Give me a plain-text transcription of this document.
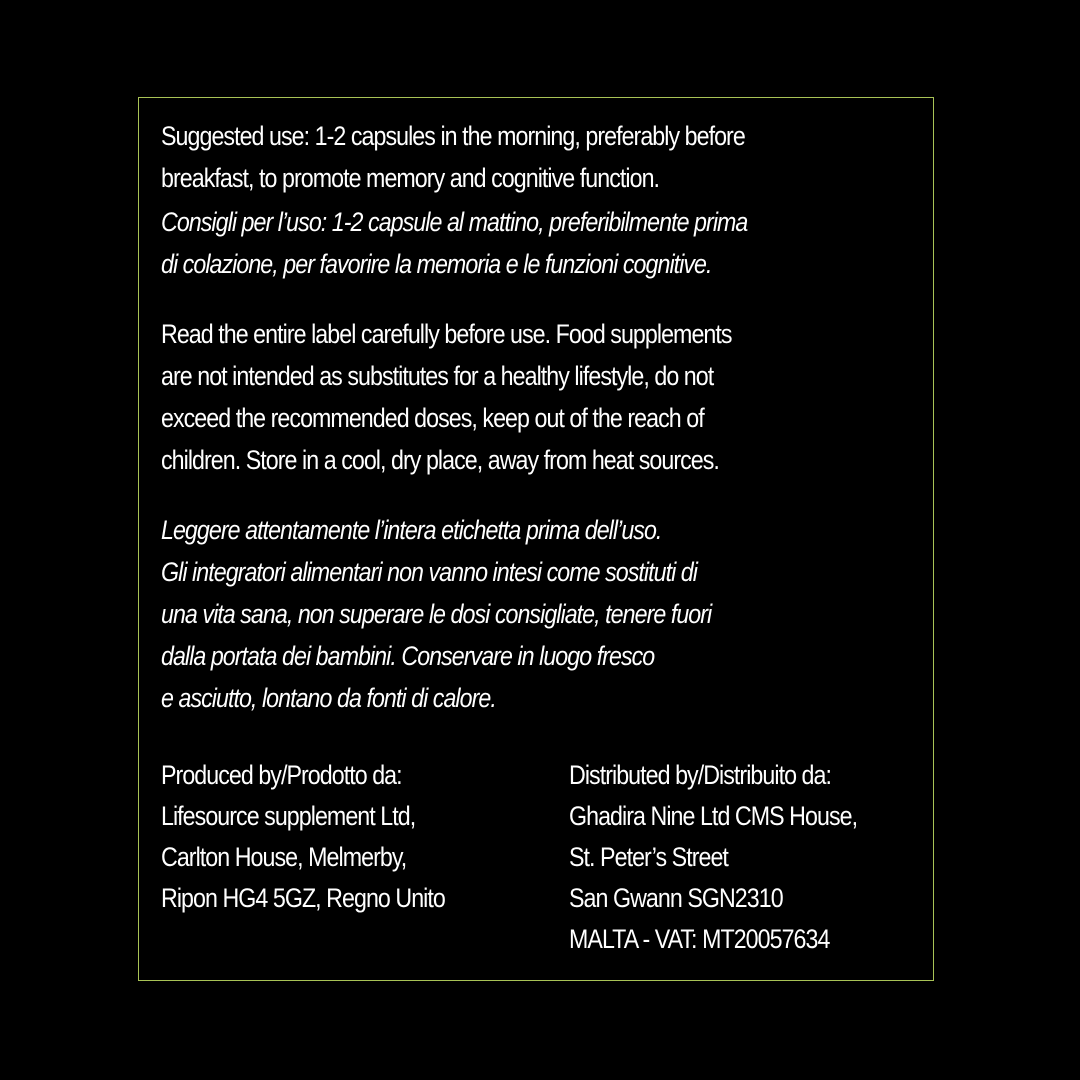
Suggested use: 1-2 capsules in the morning, preferably before
breakfast, to promote memory and cognitive function.

Consigli per l’uso: 1-2 capsule al mattino, preferibilmente prima
di colazione, per favorire la memoria e le funzioni cognitive.

Read the entire label carefully before use. Food supplements
are not intended as substitutes for a healthy lifestyle, do not
exceed the recommended doses, keep out of the reach of
children. Store in a cool, dry place, away from heat sources.

Leggere attentamente l’intera etichetta prima dell’uso.
Gli integratori alimentari non vanno intesi come sostituti di
una vita sana, non superare le dosi consigliate, tenere fuori
dalla portata dei bambini. Conservare in luogo fresco
e asciutto, lontano da fonti di calore.

Produced by/Prodotto da:
Lifesource supplement Ltd,
Carlton House, Melmerby,
Ripon HG4 5GZ, Regno Unito
Distributed by/Distribuito da:
Ghadira Nine Ltd CMS House,
St. Peter’s Street
San Gwann SGN2310
MALTA - VAT: MT20057634
